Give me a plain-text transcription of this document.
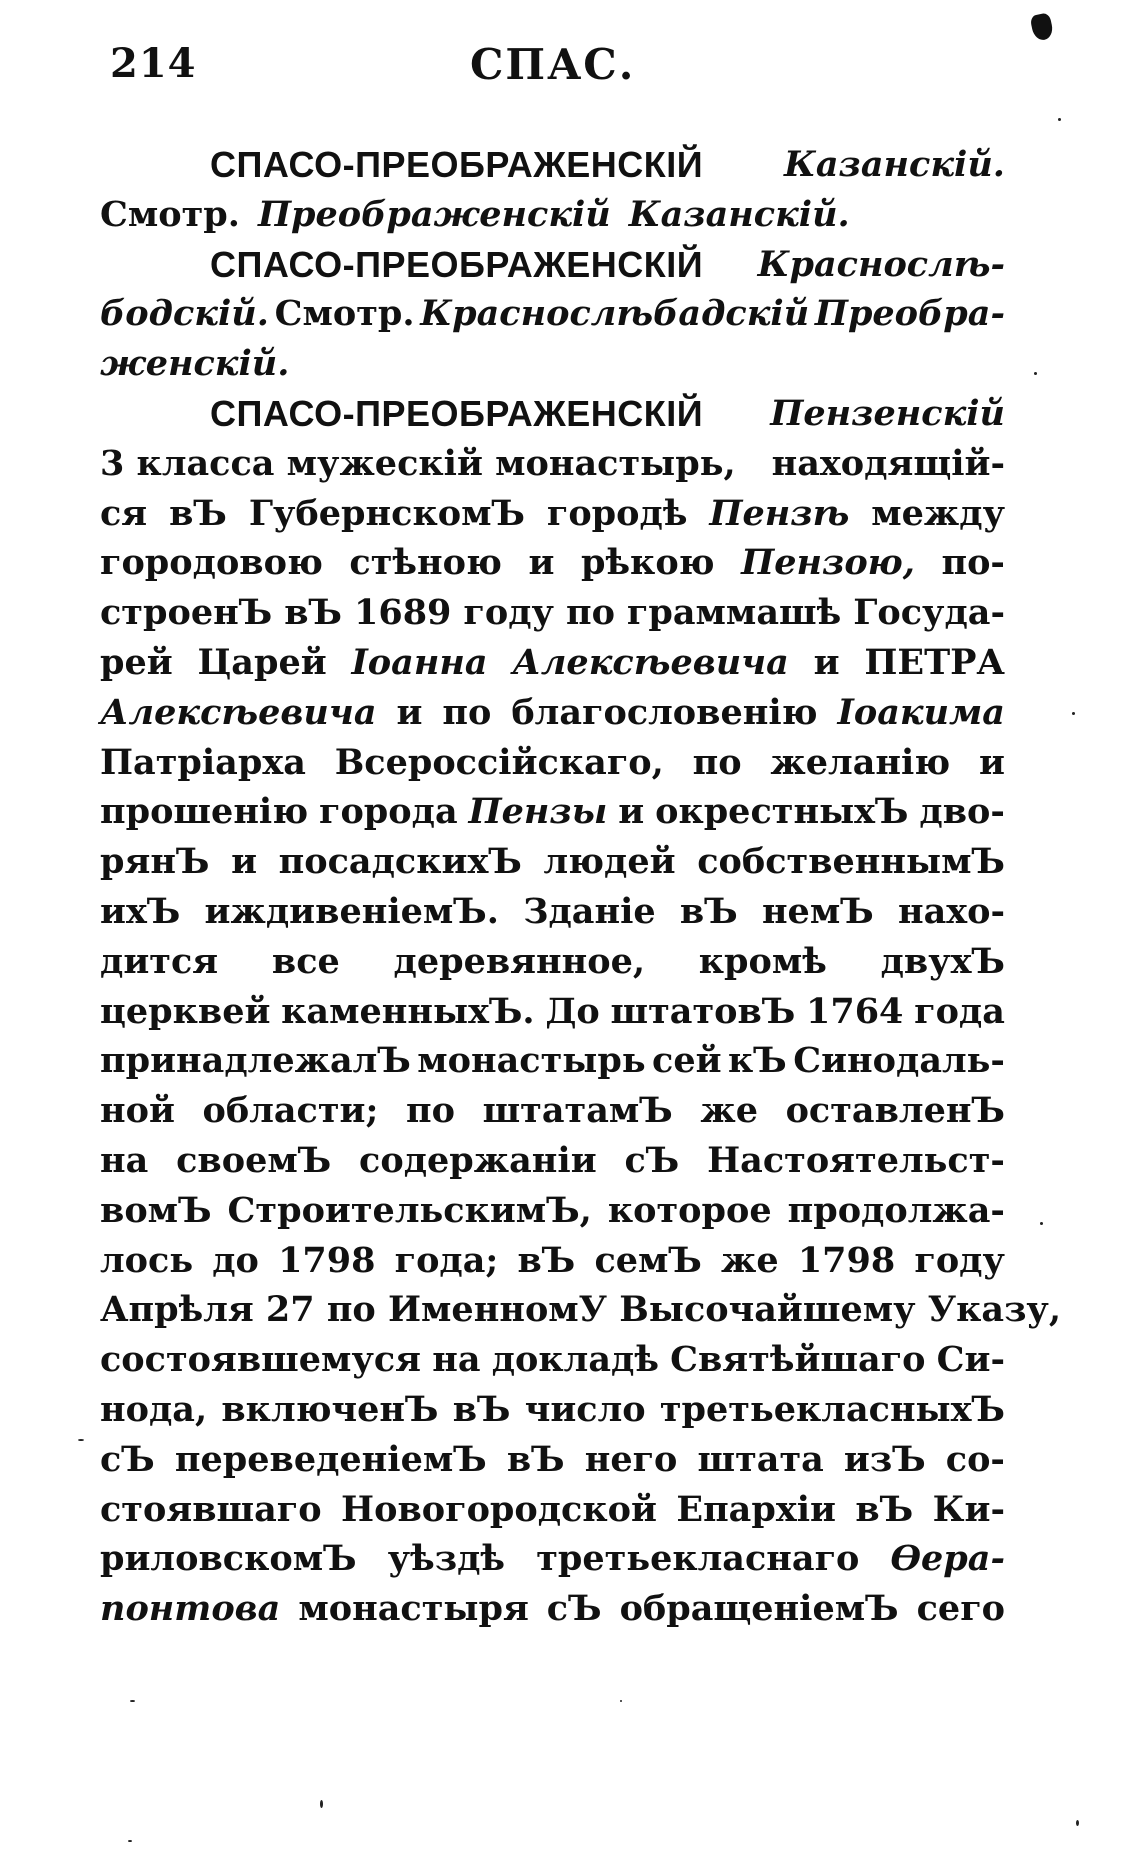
214	СПАС.
СПАСО-ПРЕОБРАЖЕНСКІЙ Казанскій.
Смотр. Преображенскій Казанскій.
СПАСО-ПРЕОБРАЖЕНСКІЙ Краснослѣ-
бодскій. Смотр. Краснослѣбадскій Преобра-
женскій.
СПАСО-ПРЕОБРАЖЕНСКІЙ Пензенскій
3 класса мужескій монастырь, находящій-
ся вЪ ГубернскомЪ городѣ Пензѣ между
городовою стѣною и рѣкою Пензою, по-
строенЪ вЪ 1689 году по граммашѣ Госуда-
рей Царей Іоанна Алексѣевича и ПЕТРА
Алексѣевича и по благословенію Іоакима
Патріарха Всероссійскаго, по желанію и
прошенію города Пензы и окрестныхЪ дво-
рянЪ и посадскихЪ людей собственнымЪ
ихЪ иждивеніемЪ. Зданіе вЪ немЪ нахо-
дится все деревянное, кромѣ двухЪ
церквей каменныхЪ. До штатовЪ 1764 года
принадлежалЪ монастырь сей кЪ Синодаль-
ной области; по штатамЪ же оставленЪ
на своемЪ содержаніи сЪ Настоятельст-
вомЪ СтроительскимЪ, которое продолжа-
лось до 1798 года; вЪ семЪ же 1798 году
Апрѣля 27 по ИменномУ Высочайшему Указу,
состоявшемуся на докладѣ Святѣйшаго Си-
нода, включенЪ вЪ число третьекласныхЪ
сЪ переведеніемЪ вЪ него штата изЪ со-
стоявшаго Новогородской Епархіи вЪ Ки-
риловскомЪ уѣздѣ третьекласнаго Ѳера-
понтова монастыря сЪ обращеніемЪ сего
